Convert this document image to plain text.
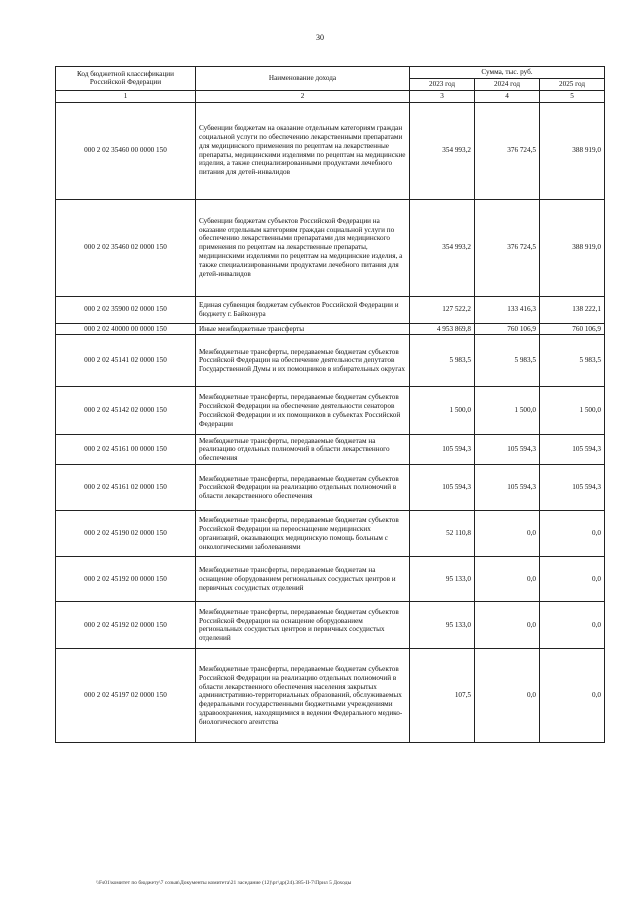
30
Код бюджетной классификации Российской Федерации	Наименование дохода	Сумма, тыс. руб.		
		2023 год	2024 год	2025 год
1	2	3	4	5
000 2 02 35460 00 0000 150	Субвенции бюджетам на оказание отдельным категориям граждан социальной услуги по обеспечению лекарственными препаратами для медицинского применения по рецептам на лекарственные препараты, медицинскими изделиями по рецептам на медицинские изделия, а также специализированными продуктами лечебного питания для детей-инвалидов	354 993,2	376 724,5	388 919,0
000 2 02 35460 02 0000 150	Субвенции бюджетам субъектов Российской Федерации на оказание отдельным категориям граждан социальной услуги по обеспечению лекарственными препаратами для медицинского применения по рецептам на лекарственные препараты, медицинскими изделиями по рецептам на медицинские изделия, а также специализированными продуктами лечебного питания для детей-инвалидов	354 993,2	376 724,5	388 919,0
000 2 02 35900 02 0000 150	Единая субвенция бюджетам субъектов Российской Федерации и бюджету г. Байконура	127 522,2	133 416,3	138 222,1
000 2 02 40000 00 0000 150	Иные межбюджетные трансферты	4 953 869,8	760 106,9	760 106,9
000 2 02 45141 02 0000 150	Межбюджетные трансферты, передаваемые бюджетам субъектов Российской Федерации на обеспечение деятельности депутатов Государственной Думы и их помощников в избирательных округах	5 983,5	5 983,5	5 983,5
000 2 02 45142 02 0000 150	Межбюджетные трансферты, передаваемые бюджетам субъектов Российской Федерации на обеспечение деятельности сенаторов Российской Федерации и их помощников в субъектах Российской Федерации	1 500,0	1 500,0	1 500,0
000 2 02 45161 00 0000 150	Межбюджетные трансферты, передаваемые бюджетам на реализацию отдельных полномочий в области лекарственного обеспечения	105 594,3	105 594,3	105 594,3
000 2 02 45161 02 0000 150	Межбюджетные трансферты, передаваемые бюджетам субъектов Российской Федерации на реализацию отдельных полномочий в области лекарственного обеспечения	105 594,3	105 594,3	105 594,3
000 2 02 45190 02 0000 150	Межбюджетные трансферты, передаваемые бюджетам субъектов Российской Федерации на переоснащение медицинских организаций, оказывающих медицинскую помощь больным с онкологическими заболеваниями	52 110,8	0,0	0,0
000 2 02 45192 00 0000 150	Межбюджетные трансферты, передаваемые бюджетам на оснащение оборудованием региональных сосудистых центров и первичных сосудистых отделений	95 133,0	0,0	0,0
000 2 02 45192 02 0000 150	Межбюджетные трансферты, передаваемые бюджетам субъектов Российской Федерации на оснащение оборудованием региональных сосудистых центров и первичных сосудистых отделений	95 133,0	0,0	0,0
000 2 02 45197 02 0000 150	Межбюджетные трансферты, передаваемые бюджетам субъектов Российской Федерации на реализацию отдельных полномочий в области лекарственного обеспечения населения закрытых административно-территориальных образований, обслуживаемых федеральными государственными бюджетными учреждениями здравоохранения, находящимися в ведении Федерального медико-биологического агентства	107,5	0,0	0,0
\\Fs01\комитет по бюджету\7 созыв\Документы комитета\21 заседание (12)\рг\др(24).385-II-7\Прил 5 Доходы
